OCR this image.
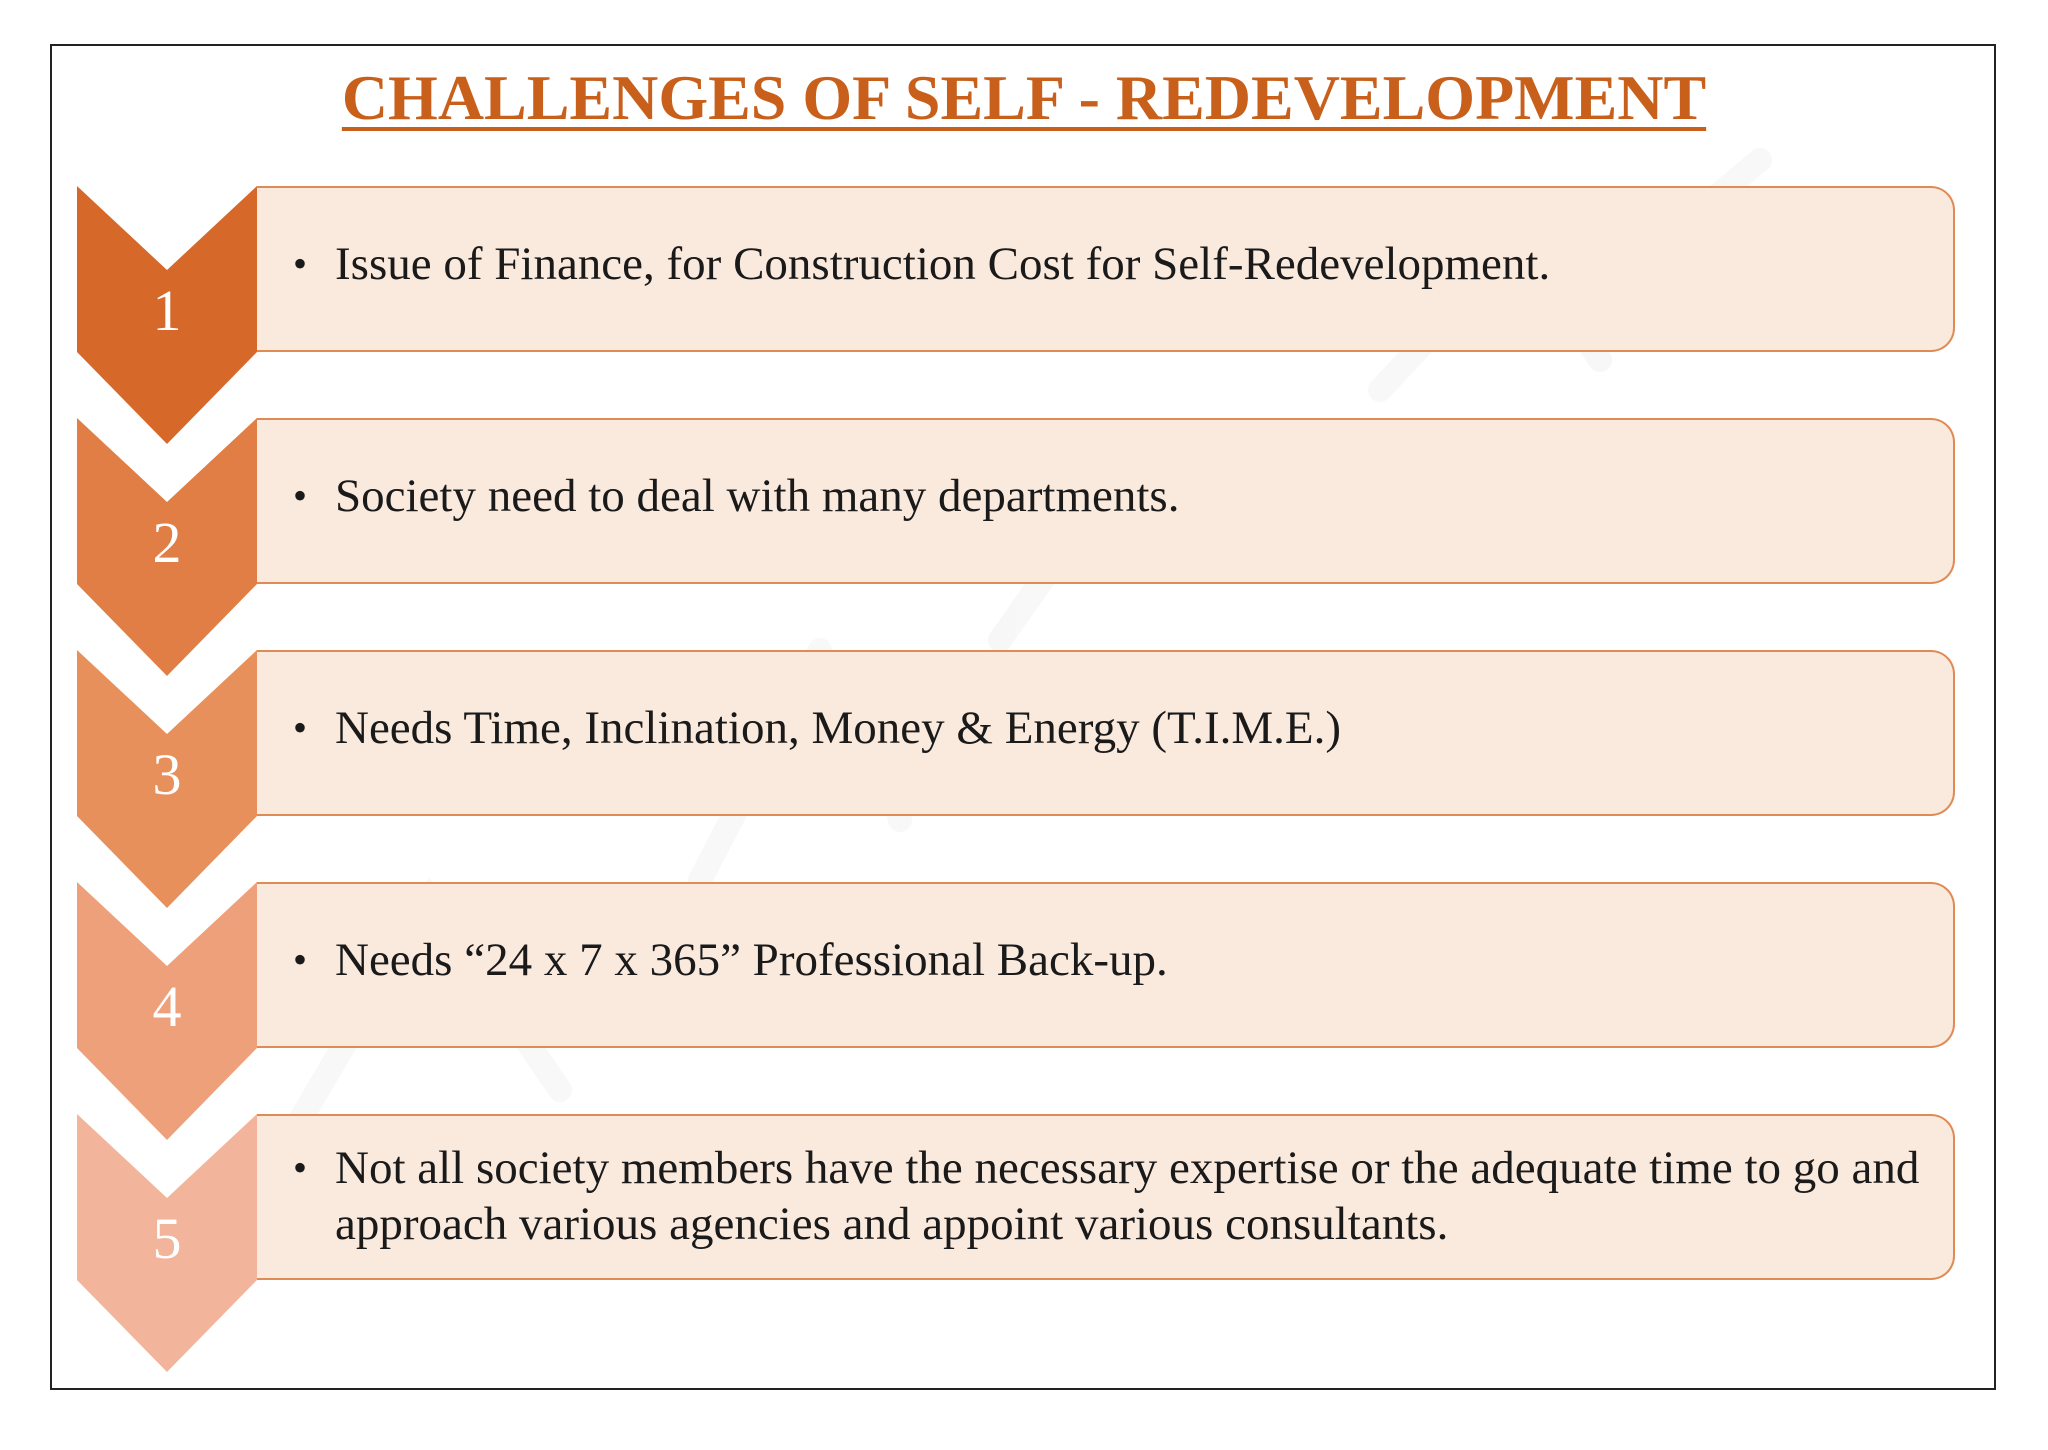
CHALLENGES OF SELF - REDEVELOPMENT
1
• Issue of Finance, for Construction Cost for Self-Redevelopment.
2
• Society need to deal with many departments.
3
• Needs Time, Inclination, Money & Energy (T.I.M.E.)
4
• Needs “24 x 7 x 365” Professional Back-up.
5
• Not all society members have the necessary expertise or the adequate time to go and approach various agencies and appoint various consultants.
